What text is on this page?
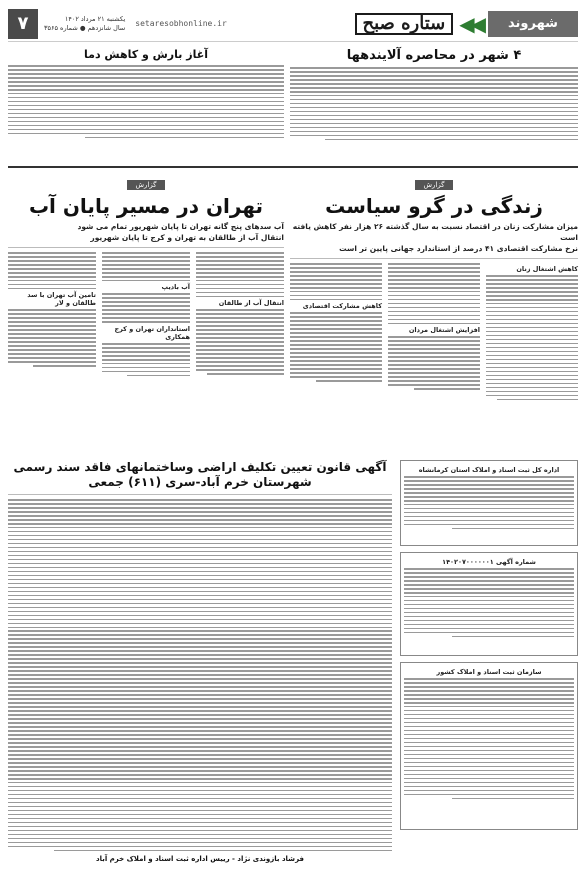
شهروند
◀◀
ستاره صبح
setaresobhonline.ir
یکشنبه ۲۱ مرداد ۱۴۰۲
سال شانزدهم ● شماره ۳۵۶۵
۷
۴ شهر در محاصره آلایندهها
آغاز بارش و کاهش دما
گزارش
زندگی در گرو سیاست
میزان مشارکت زنان در اقتصاد نسبت به سال گذشته ۲۶ هزار نفر کاهش یافته است
نرخ مشارکت اقتصادی ۴۱ درصد از استاندارد جهانی پایین تر است
کاهش اشتغال زنان
افزایش اشتغال مردان
کاهش مشارکت اقتصادی
گزارش
تهران در مسیر پایان آب
آب سدهای پنج گانه تهران تا پایان شهریور تمام می شود
انتقال آب از طالقان به تهران و کرج تا پایان شهریور
انتقال آب از طالقان
آب بادیپ
استانداران تهران و کرج همکاری
تامین آب تهران با سد طالقان و لار
اداره کل ثبت اسناد و املاک استان کرمانشاه
آگهی قانون تعیین تکلیف اراضی وساختمانهای فاقد سند رسمی
شهرستان خرم آباد-سری (۶۱۱) جمعی
فرشاد بازوندی نژاد - رییس اداره ثبت اسناد و املاک خرم آباد
شماره آگهی ۱۴۰۲۰۷۰۰۰۰۰۰۱
سازمان ثبت اسناد و املاک کشور
